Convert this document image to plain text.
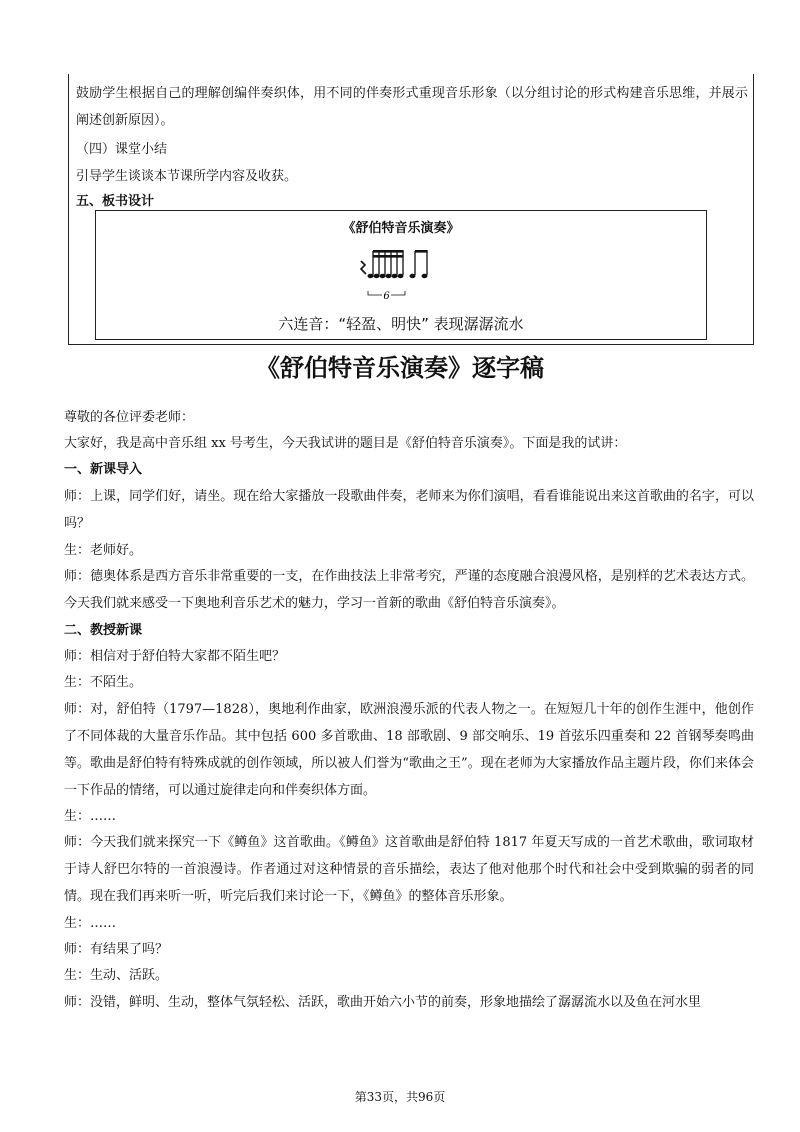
鼓励学生根据自己的理解创编伴奏织体，用不同的伴奏形式重现音乐形象（以分组讨论的形式构建音乐思维，并展示阐述创新原因）。

（四）课堂小结

引导学生谈谈本节课所学内容及收获。

五、板书设计

《舒伯特音乐演奏》
6
六连音：“轻盈、明快” 表现潺潺流水
《舒伯特音乐演奏》逐字稿

尊敬的各位评委老师：

大家好，我是高中音乐组 xx 号考生，今天我试讲的题目是《舒伯特音乐演奏》。下面是我的试讲：

一、新课导入

师：上课，同学们好，请坐。现在给大家播放一段歌曲伴奏，老师来为你们演唱，看看谁能说出来这首歌曲的名字，可以吗？

生：老师好。

师：德奥体系是西方音乐非常重要的一支，在作曲技法上非常考究，严谨的态度融合浪漫风格，是别样的艺术表达方式。今天我们就来感受一下奥地利音乐艺术的魅力，学习一首新的歌曲《舒伯特音乐演奏》。

二、教授新课

师：相信对于舒伯特大家都不陌生吧？

生：不陌生。

师：对，舒伯特（1797—1828），奥地利作曲家，欧洲浪漫乐派的代表人物之一。在短短几十年的创作生涯中，他创作了不同体裁的大量音乐作品。其中包括 600 多首歌曲、18 部歌剧、9 部交响乐、19 首弦乐四重奏和 22 首钢琴奏鸣曲等。歌曲是舒伯特有特殊成就的创作领域，所以被人们誉为“歌曲之王”。现在老师为大家播放作品主题片段，你们来体会一下作品的情绪，可以通过旋律走向和伴奏织体方面。

生：……

师：今天我们就来探究一下《鳟鱼》这首歌曲。《鳟鱼》这首歌曲是舒伯特 1817 年夏天写成的一首艺术歌曲，歌词取材于诗人舒巴尔特的一首浪漫诗。作者通过对这种情景的音乐描绘，表达了他对他那个时代和社会中受到欺骗的弱者的同情。现在我们再来听一听，听完后我们来讨论一下，《鳟鱼》的整体音乐形象。

生：……

师：有结果了吗？

生：生动、活跃。

师：没错，鲜明、生动，整体气氛轻松、活跃，歌曲开始六小节的前奏，形象地描绘了潺潺流水以及鱼在河水里

第33页，共96页
